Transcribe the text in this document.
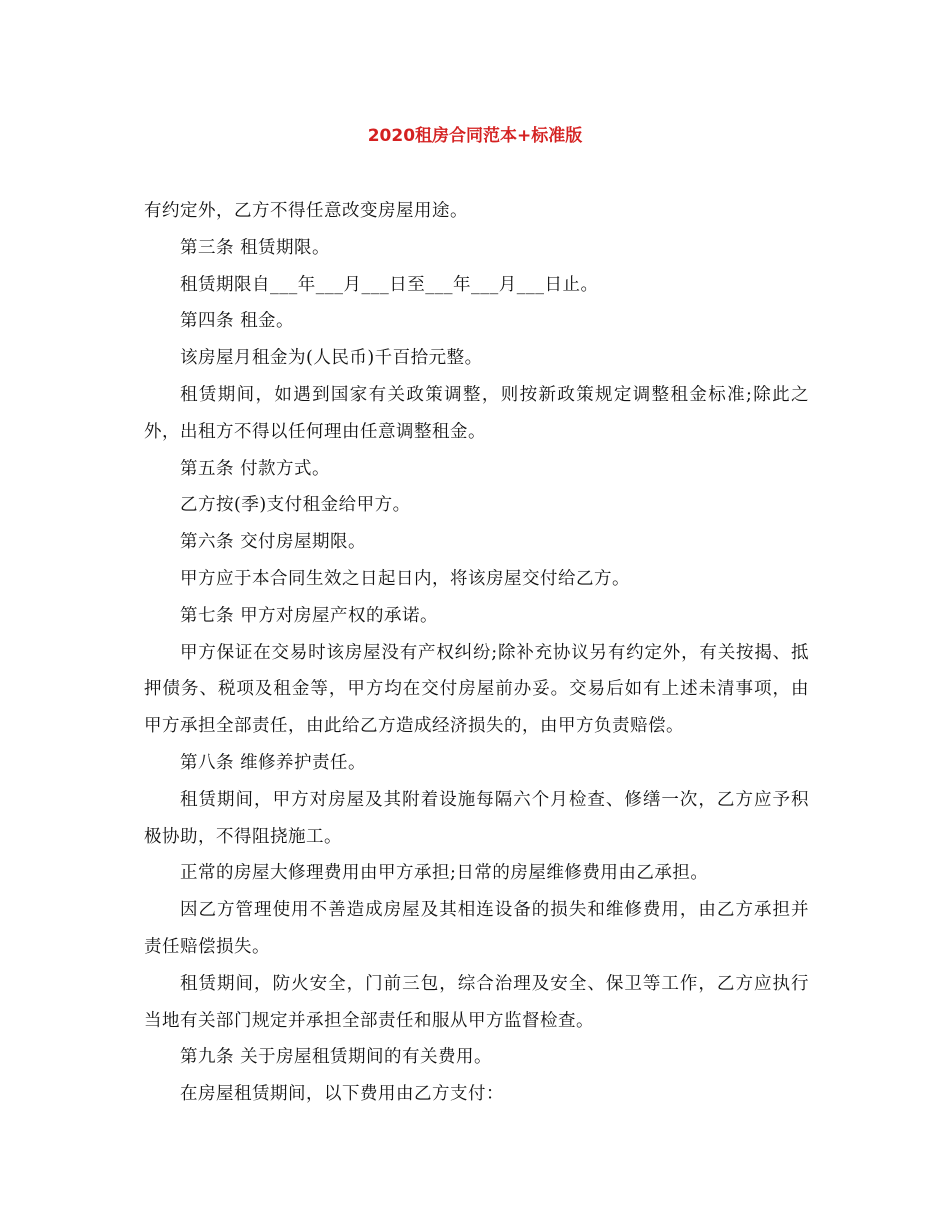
2020租房合同范本+标准版

有约定外，乙方不得任意改变房屋用途。

第三条 租赁期限。

租赁期限自___年___月___日至___年___月___日止。

第四条 租金。

该房屋月租金为(人民币)千百拾元整。

租赁期间，如遇到国家有关政策调整，则按新政策规定调整租金标准;除此之外，出租方不得以任何理由任意调整租金。

第五条 付款方式。

乙方按(季)支付租金给甲方。

第六条 交付房屋期限。

甲方应于本合同生效之日起日内，将该房屋交付给乙方。

第七条 甲方对房屋产权的承诺。

甲方保证在交易时该房屋没有产权纠纷;除补充协议另有约定外，有关按揭、抵押债务、税项及租金等，甲方均在交付房屋前办妥。交易后如有上述未清事项，由甲方承担全部责任，由此给乙方造成经济损失的，由甲方负责赔偿。

第八条 维修养护责任。

租赁期间，甲方对房屋及其附着设施每隔六个月检查、修缮一次，乙方应予积极协助，不得阻挠施工。

正常的房屋大修理费用由甲方承担;日常的房屋维修费用由乙承担。

因乙方管理使用不善造成房屋及其相连设备的损失和维修费用，由乙方承担并责任赔偿损失。

租赁期间，防火安全，门前三包，综合治理及安全、保卫等工作，乙方应执行当地有关部门规定并承担全部责任和服从甲方监督检查。

第九条 关于房屋租赁期间的有关费用。

在房屋租赁期间，以下费用由乙方支付：
